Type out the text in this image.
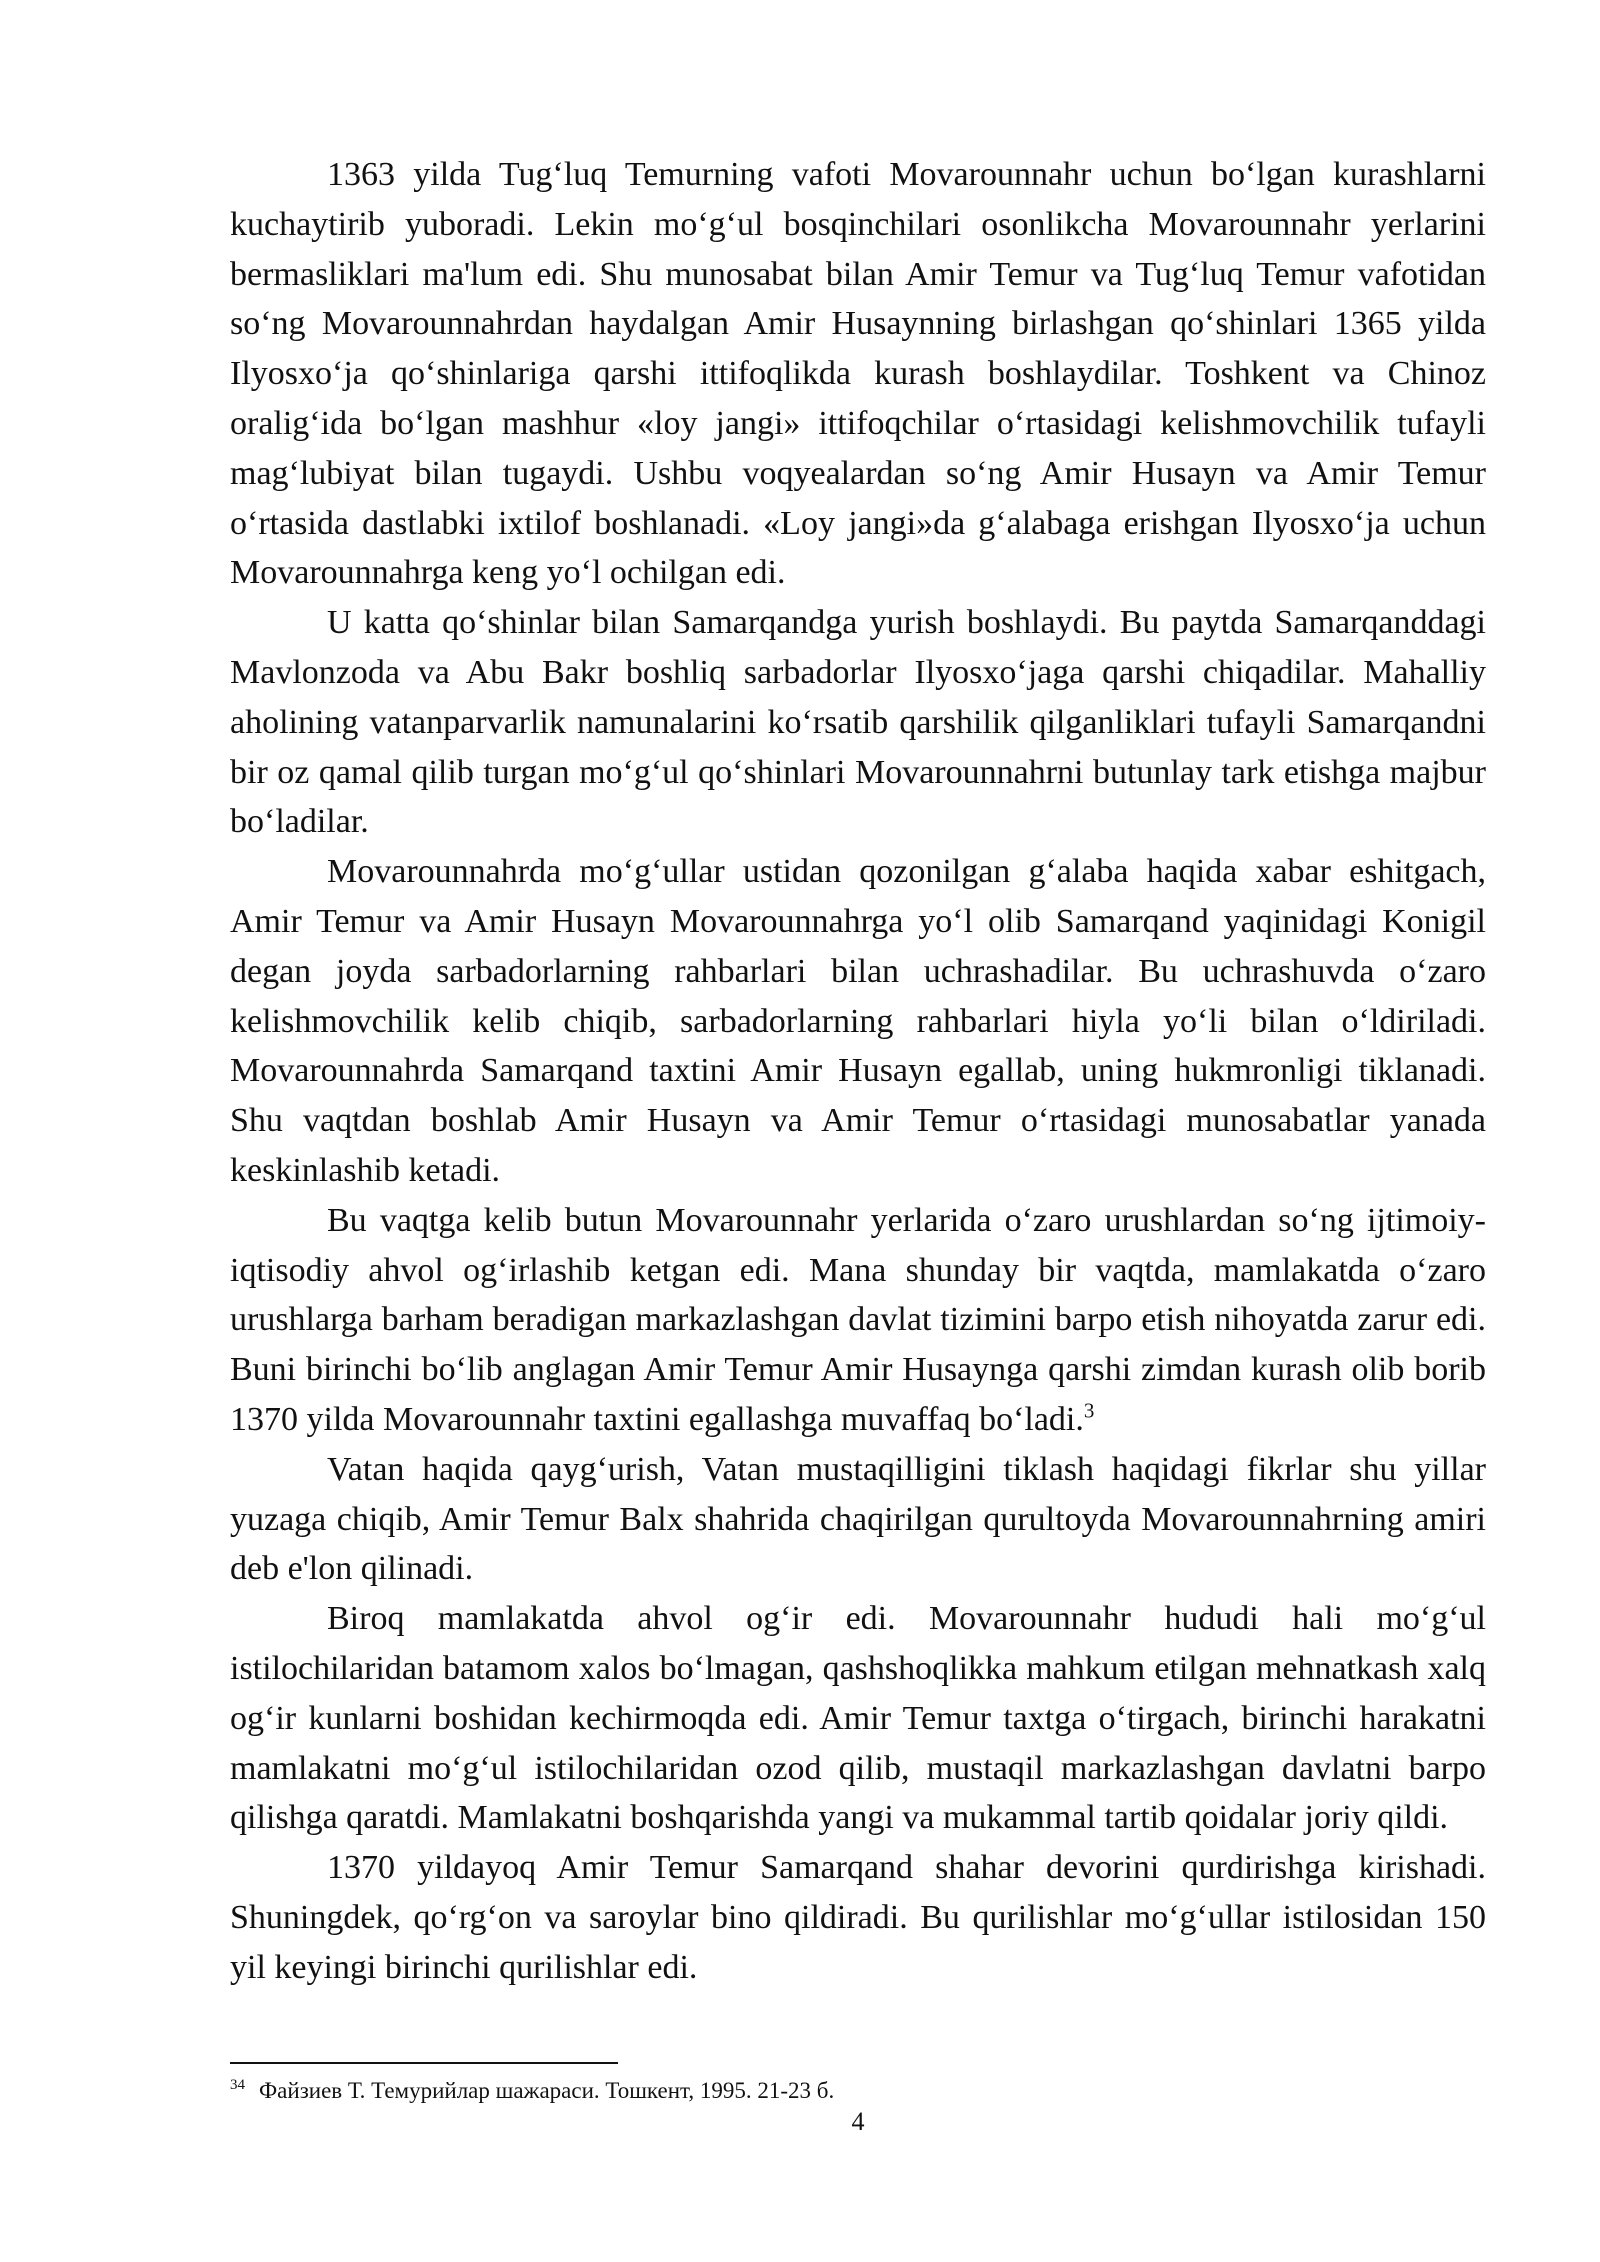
1363 yilda Tug‘luq Temurning vafoti Movarounnahr uchun bo‘lgan kurashlarni kuchaytirib yuboradi. Lekin mo‘g‘ul bosqinchilari osonlikcha Movarounnahr yerlarini bermasliklari ma'lum edi. Shu munosabat bilan Amir Temur va Tug‘luq Temur vafotidan so‘ng Movarounnahrdan haydalgan Amir Husaynning birlashgan qo‘shinlari 1365 yilda Ilyosxo‘ja qo‘shinlariga qarshi ittifoqlikda kurash boshlaydilar. Toshkent va Chinoz oralig‘ida bo‘lgan mashhur «loy jangi» ittifoqchilar o‘rtasidagi kelishmovchilik tufayli mag‘lubiyat bilan tugaydi. Ushbu voqyealardan so‘ng Amir Husayn va Amir Temur o‘rtasida dastlabki ixtilof boshlanadi. «Loy jangi»da g‘alabaga erishgan Ilyosxo‘ja uchun Movarounnahrga keng yo‘l ochilgan edi.

U katta qo‘shinlar bilan Samarqandga yurish boshlaydi. Bu paytda Samarqanddagi Mavlonzoda va Abu Bakr boshliq sarbadorlar Ilyosxo‘jaga qarshi chiqadilar. Mahalliy aholining vatanparvarlik namunalarini ko‘rsatib qarshilik qilganliklari tufayli Samarqandni bir oz qamal qilib turgan mo‘g‘ul qo‘shinlari Movarounnahrni butunlay tark etishga majbur bo‘ladilar.

Movarounnahrda mo‘g‘ullar ustidan qozonilgan g‘alaba haqida xabar eshitgach, Amir Temur va Amir Husayn Movarounnahrga yo‘l olib Samarqand yaqinidagi Konigil degan joyda sarbadorlarning rahbarlari bilan uchrashadilar. Bu uchrashuvda o‘zaro kelishmovchilik kelib chiqib, sarbadorlarning rahbarlari hiyla yo‘li bilan o‘ldiriladi. Movarounnahrda Samarqand taxtini Amir Husayn egallab, uning hukmronligi tiklanadi. Shu vaqtdan boshlab Amir Husayn va Amir Temur o‘rtasidagi munosabatlar yanada keskinlashib ketadi.

Bu vaqtga kelib butun Movarounnahr yerlarida o‘zaro urushlardan so‘ng ijtimoiy-iqtisodiy ahvol og‘irlashib ketgan edi. Mana shunday bir vaqtda, mamlakatda o‘zaro urushlarga barham beradigan markazlashgan davlat tizimini barpo etish nihoyatda zarur edi. Buni birinchi bo‘lib anglagan Amir Temur Amir Husaynga qarshi zimdan kurash olib borib 1370 yilda Movarounnahr taxtini egallashga muvaffaq bo‘ladi.$^3$

Vatan haqida qayg‘urish, Vatan mustaqilligini tiklash haqidagi fikrlar shu yillar yuzaga chiqib, Amir Temur Balx shahrida chaqirilgan qurultoyda Movarounnahrning amiri deb e'lon qilinadi.

Biroq mamlakatda ahvol og‘ir edi. Movarounnahr hududi hali mo‘g‘ul istilochilaridan batamom xalos bo‘lmagan, qashshoqlikka mahkum etilgan mehnatkash xalq og‘ir kunlarni boshidan kechirmoqda edi. Amir Temur taxtga o‘tirgach, birinchi harakatni mamlakatni mo‘g‘ul istilochilaridan ozod qilib, mustaqil markazlashgan davlatni barpo qilishga qaratdi. Mamlakatni boshqarishda yangi va mukammal tartib qoidalar joriy qildi.

1370 yildayoq Amir Temur Samarqand shahar devorini qurdirishga kirishadi. Shuningdek, qo‘rg‘on va saroylar bino qildiradi. Bu qurilishlar mo‘g‘ullar istilosidan 150 yil keyingi birinchi qurilishlar edi.

$^{34}$ Файзиев Т. Темурийлар шажараси. Тошкент, 1995. 21-23 б.

4
